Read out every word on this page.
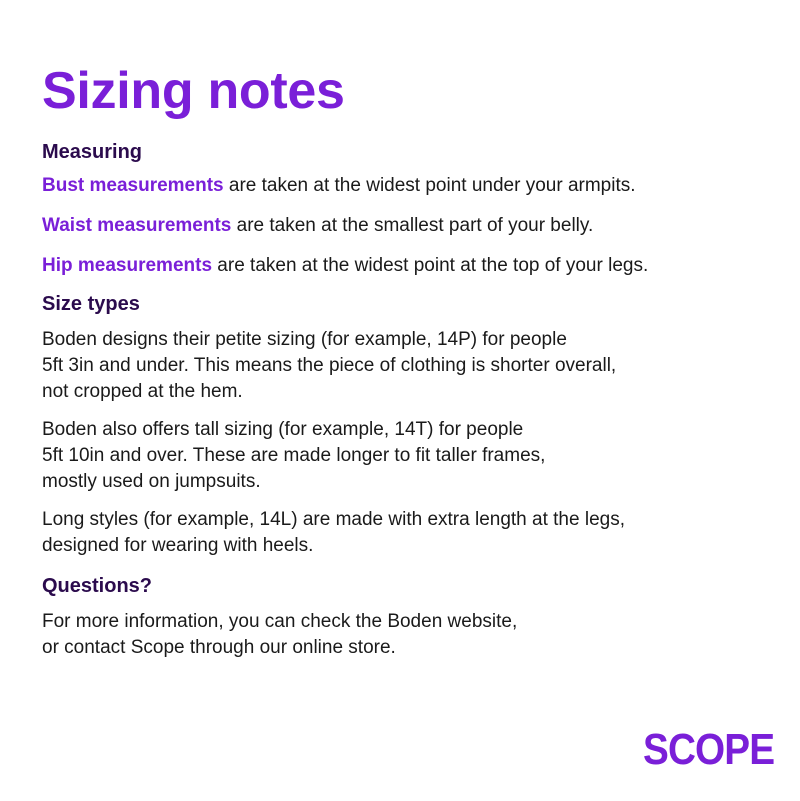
Sizing notes
Measuring

Bust measurements are taken at the widest point under your armpits.

Waist measurements are taken at the smallest part of your belly.

Hip measurements are taken at the widest point at the top of your legs.

Size types

Boden designs their petite sizing (for example, 14P) for people
5ft 3in and under. This means the piece of clothing is shorter overall,
not cropped at the hem.

Boden also offers tall sizing (for example, 14T) for people
5ft 10in and over. These are made longer to fit taller frames,
mostly used on jumpsuits.

Long styles (for example, 14L) are made with extra length at the legs,
designed for wearing with heels.

Questions?

For more information, you can check the Boden website,
or contact Scope through our online store.

SCOPE
